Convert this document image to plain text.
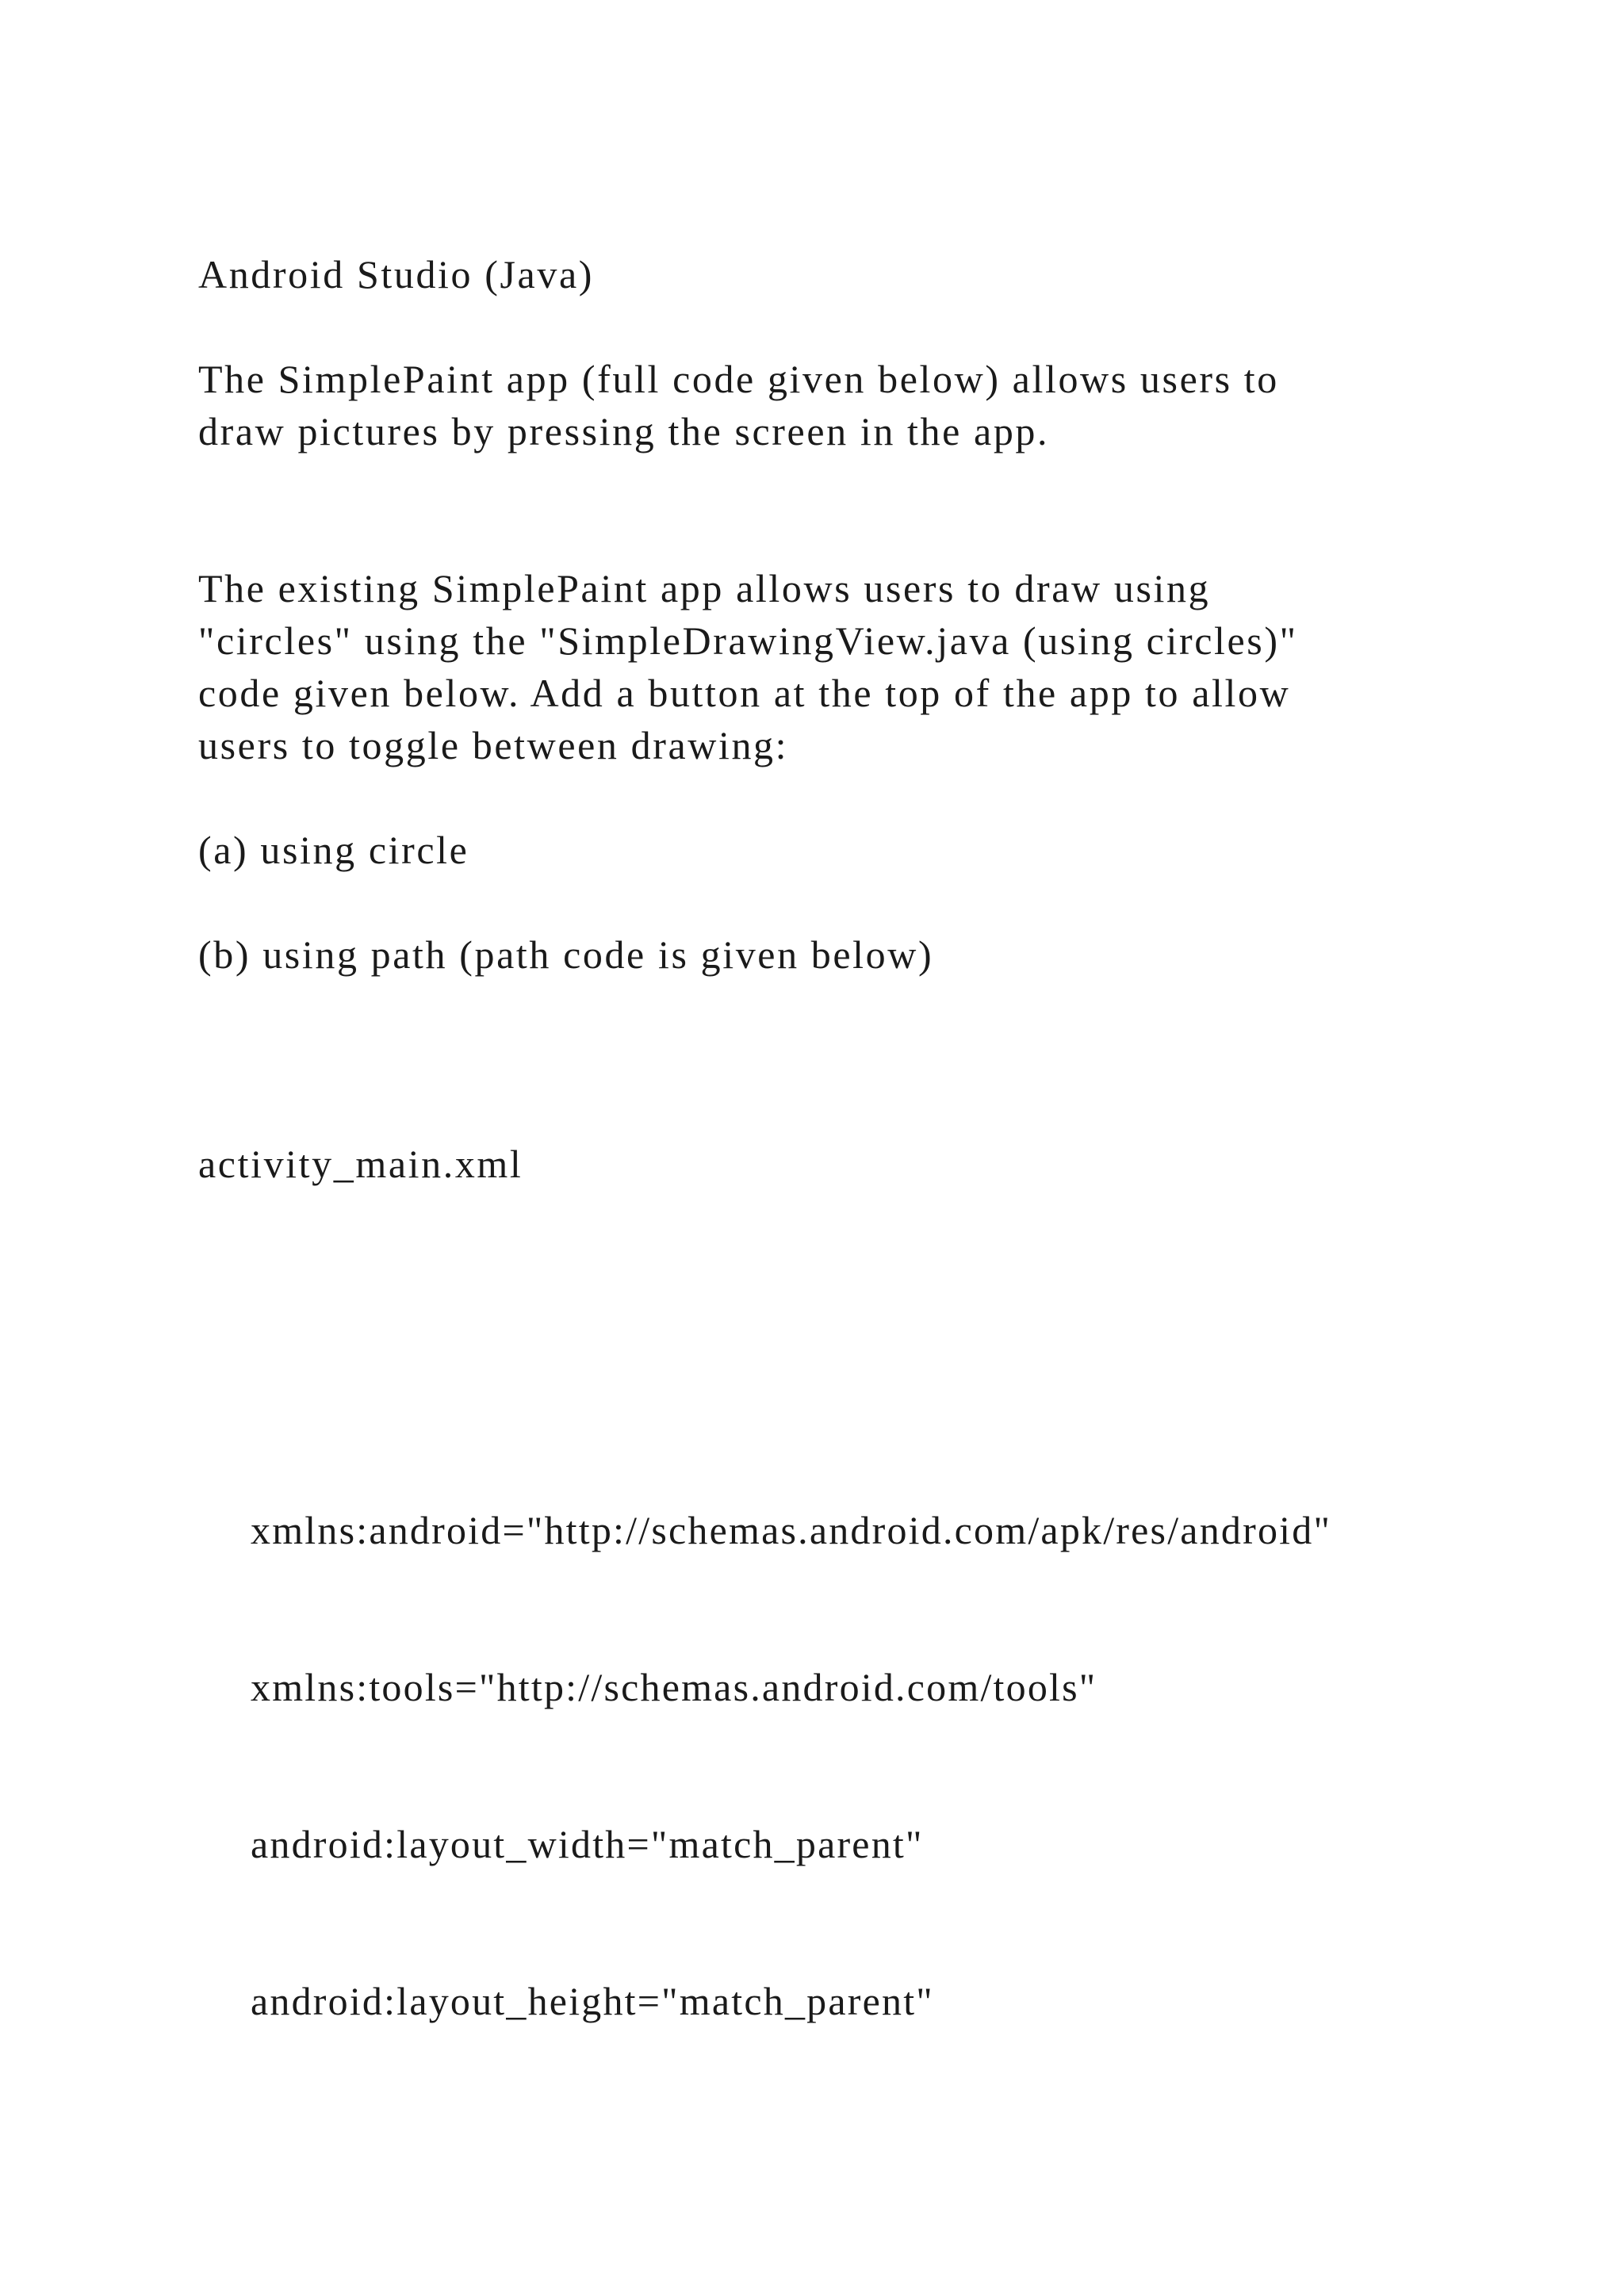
Android Studio (Java)

The SimplePaint app (full code given below) allows users to

draw pictures by pressing the screen in the app.

The existing SimplePaint app allows users to draw using

"circles" using the "SimpleDrawingView.java (using circles)"

code given below. Add a button at the top of the app to allow

users to toggle between drawing:

(a) using circle

(b) using path (path code is given below)

activity_main.xml

xmlns:android="http://schemas.android.com/apk/res/android"

xmlns:tools="http://schemas.android.com/tools"

android:layout_width="match_parent"

android:layout_height="match_parent"
